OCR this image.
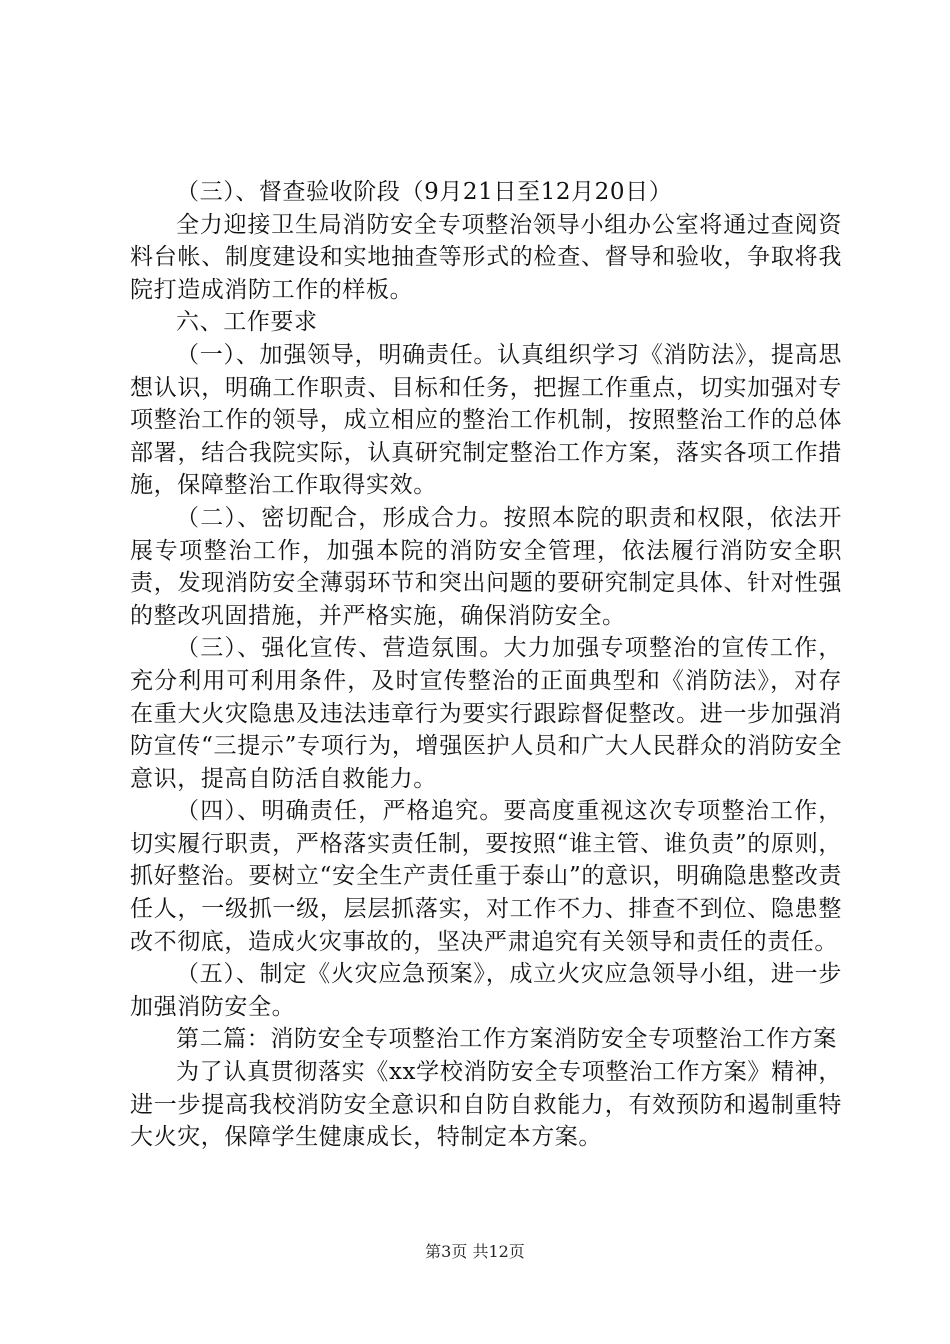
（三）、督查验收阶段（9月21日至12月20日）

全力迎接卫生局消防安全专项整治领导小组办公室将通过查阅资料台帐、制度建设和实地抽查等形式的检查、督导和验收，争取将我院打造成消防工作的样板。

六、工作要求

（一）、加强领导，明确责任。认真组织学习《消防法》，提高思想认识，明确工作职责、目标和任务，把握工作重点，切实加强对专项整治工作的领导，成立相应的整治工作机制，按照整治工作的总体部署，结合我院实际，认真研究制定整治工作方案，落实各项工作措施，保障整治工作取得实效。

（二）、密切配合，形成合力。按照本院的职责和权限，依法开展专项整治工作，加强本院的消防安全管理，依法履行消防安全职责，发现消防安全薄弱环节和突出问题的要研究制定具体、针对性强的整改巩固措施，并严格实施，确保消防安全。

（三）、强化宣传、营造氛围。大力加强专项整治的宣传工作，充分利用可利用条件，及时宣传整治的正面典型和《消防法》，对存在重大火灾隐患及违法违章行为要实行跟踪督促整改。进一步加强消防宣传“三提示”专项行为，增强医护人员和广大人民群众的消防安全意识，提高自防活自救能力。

（四）、明确责任，严格追究。要高度重视这次专项整治工作，切实履行职责，严格落实责任制，要按照“谁主管、谁负责”的原则，抓好整治。要树立“安全生产责任重于泰山”的意识，明确隐患整改责任人，一级抓一级，层层抓落实，对工作不力、排查不到位、隐患整改不彻底，造成火灾事故的，坚决严肃追究有关领导和责任的责任。

（五）、制定《火灾应急预案》，成立火灾应急领导小组，进一步加强消防安全。

第二篇：消防安全专项整治工作方案消防安全专项整治工作方案

为了认真贯彻落实《xx学校消防安全专项整治工作方案》精神，进一步提高我校消防安全意识和自防自救能力，有效预防和遏制重特大火灾，保障学生健康成长，特制定本方案。

第3页 共12页
